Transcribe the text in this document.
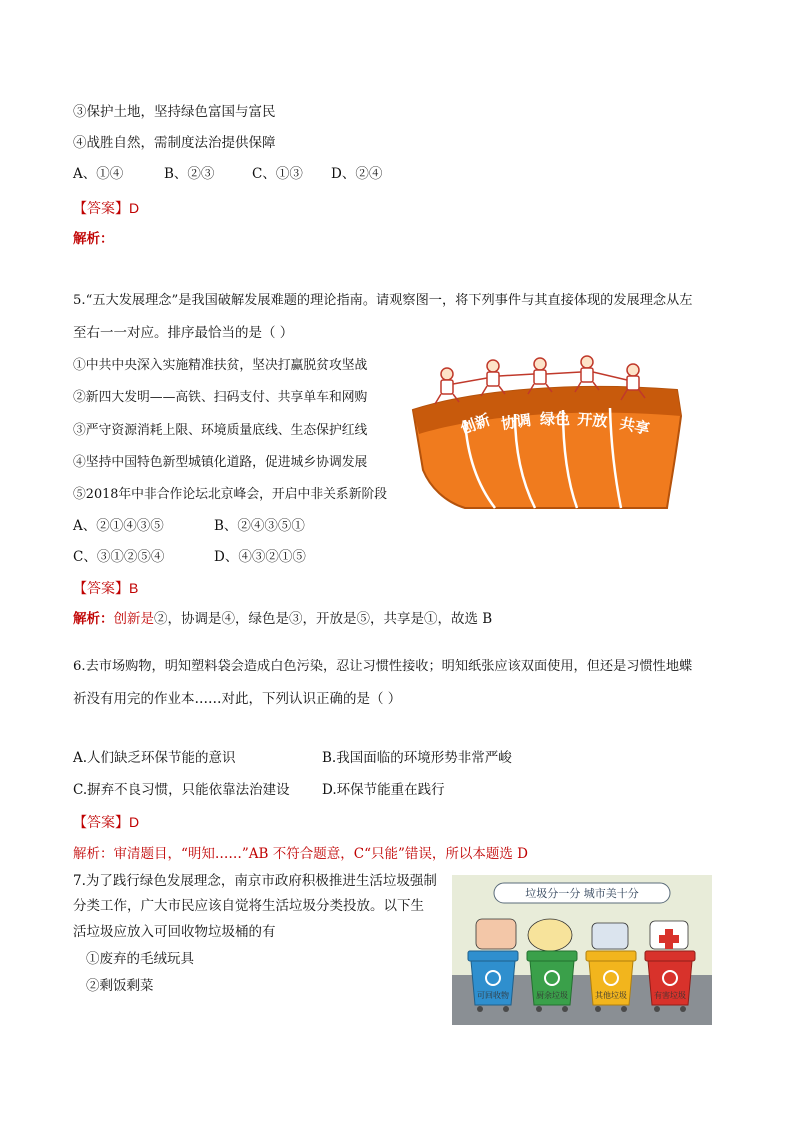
③保护土地，坚持绿色富国与富民
④战胜自然，需制度法治提供保障
A、①④	B、②③	C、①③ D、②④
【答案】D
解析：
5.“五大发展理念”是我国破解发展难题的理论指南。请观察图一，将下列事件与其直接体现的发展理念从左
至右一一对应。排序最恰当的是（ ）
①中共中央深入实施精准扶贫，坚决打赢脱贫攻坚战
②新四大发明——高铁、扫码支付、共享单车和网购
③严守资源消耗上限、环境质量底线、生态保护红线
④坚持中国特色新型城镇化道路，促进城乡协调发展
⑤2018年中非合作论坛北京峰会，开启中非关系新阶段
A、②①④③⑤	B、②④③⑤①
C、③①②⑤④	D、④③②①⑤
【答案】B
解析：创新是②，协调是④，绿色是③，开放是⑤，共享是①，故选 B
创新 协调 绿色 开放 共享
6.去市场购物，明知塑料袋会造成白色污染，忍让习惯性接收；明知纸张应该双面使用，但还是习惯性地蝶
祈没有用完的作业本……对此，下列认识正确的是（ ）
A.人们缺乏环保节能的意识	B.我国面临的环境形势非常严峻
C.摒弃不良习惯，只能依靠法治建设 D.环保节能重在践行
【答案】D
解析：审清题目，“明知……”AB 不符合题意，C“只能”错误，所以本题选 D
7.为了践行绿色发展理念，南京市政府积极推进生活垃圾强制
分类工作，广大市民应该自觉将生活垃圾分类投放。以下生
活垃圾应放入可回收物垃圾桶的有
①废弃的毛绒玩具
②剩饭剩菜
垃圾分一分 城市美十分
可回收物	厨余垃圾	其他垃圾	有害垃圾
